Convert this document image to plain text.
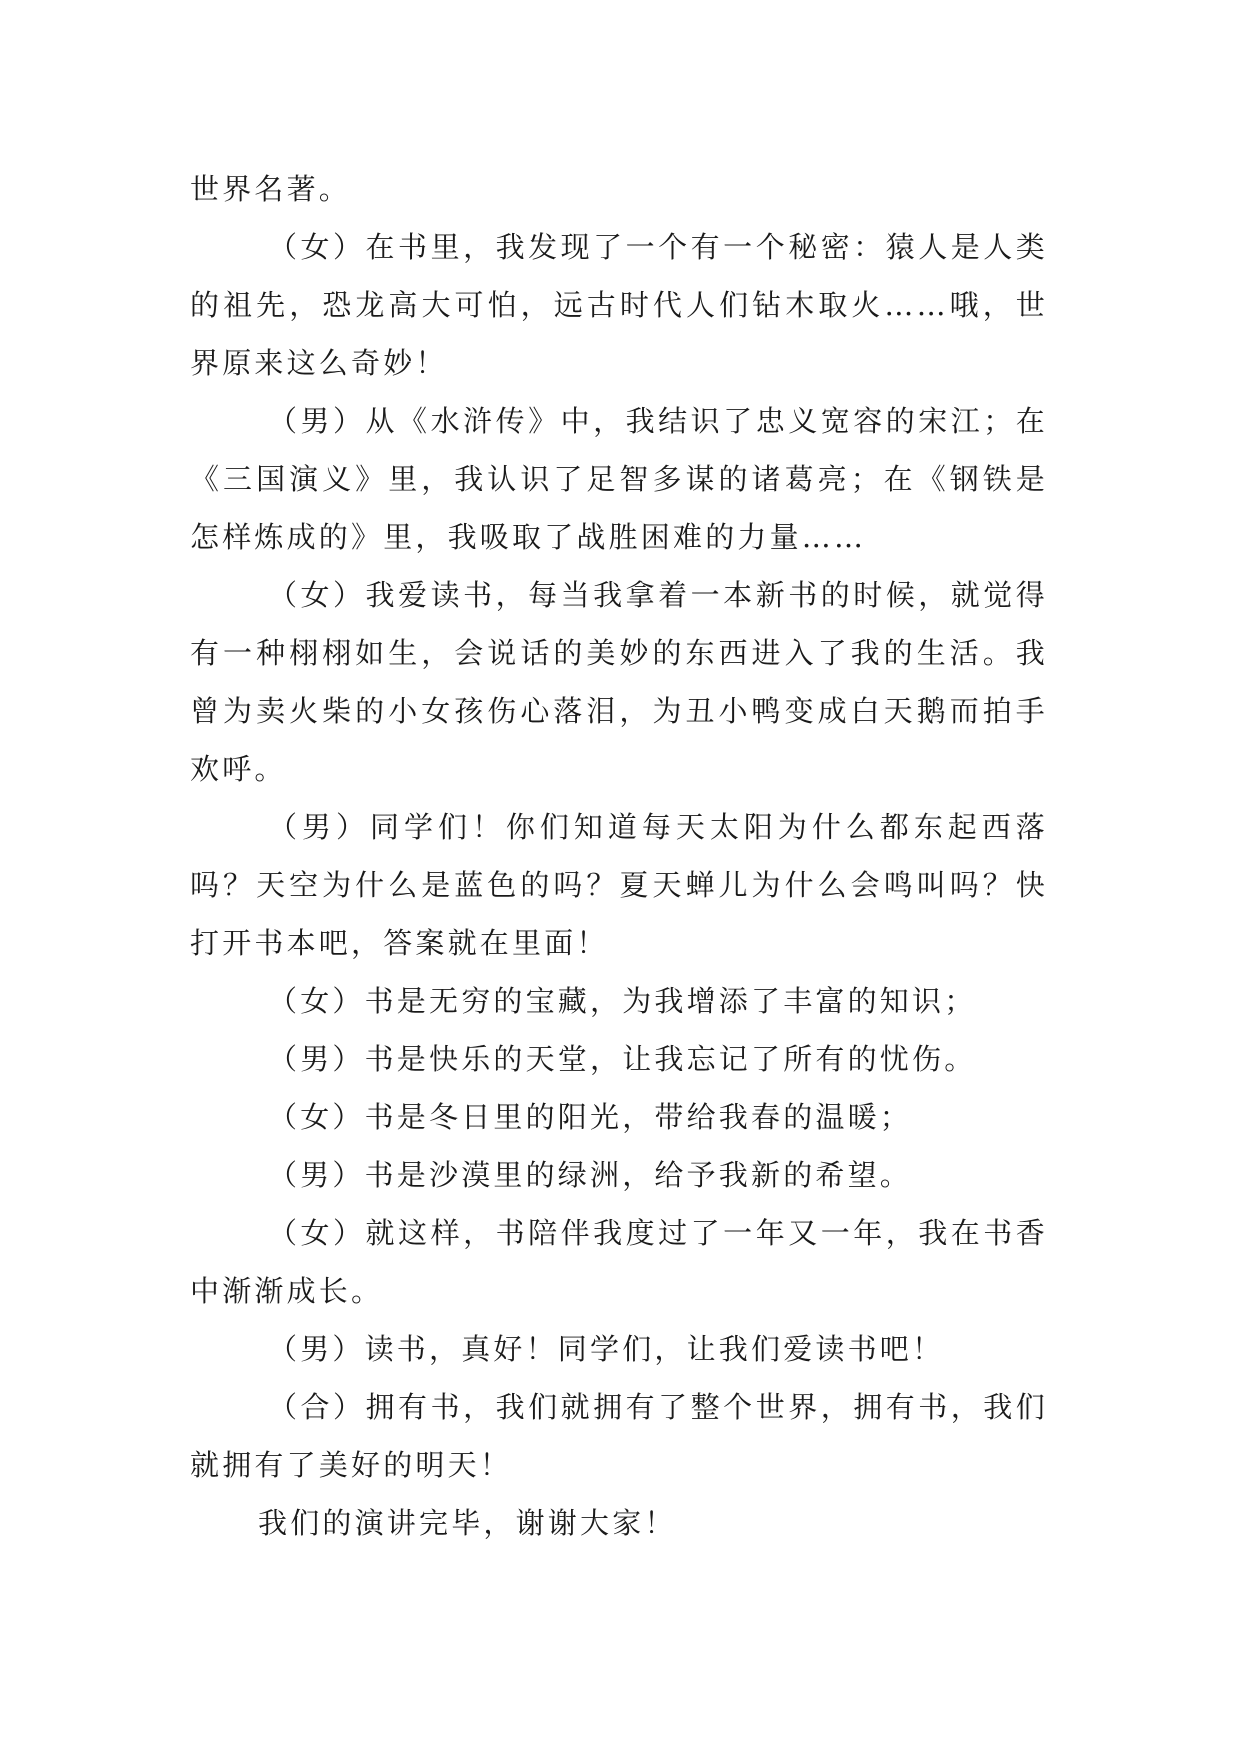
世界名著。

（女）在书里，我发现了一个有一个秘密：猿人是人类的祖先，恐龙高大可怕，远古时代人们钻木取火……哦，世界原来这么奇妙！

（男）从《水浒传》中，我结识了忠义宽容的宋江；在《三国演义》里，我认识了足智多谋的诸葛亮；在《钢铁是怎样炼成的》里，我吸取了战胜困难的力量……

（女）我爱读书，每当我拿着一本新书的时候，就觉得有一种栩栩如生，会说话的美妙的东西进入了我的生活。我曾为卖火柴的小女孩伤心落泪，为丑小鸭变成白天鹅而拍手欢呼。

（男）同学们！你们知道每天太阳为什么都东起西落吗？天空为什么是蓝色的吗？夏天蝉儿为什么会鸣叫吗？快打开书本吧，答案就在里面！

（女）书是无穷的宝藏，为我增添了丰富的知识；

（男）书是快乐的天堂，让我忘记了所有的忧伤。

（女）书是冬日里的阳光，带给我春的温暖；

（男）书是沙漠里的绿洲，给予我新的希望。

（女）就这样，书陪伴我度过了一年又一年，我在书香中渐渐成长。

（男）读书，真好！同学们，让我们爱读书吧！

（合）拥有书，我们就拥有了整个世界，拥有书，我们就拥有了美好的明天！

我们的演讲完毕，谢谢大家！
